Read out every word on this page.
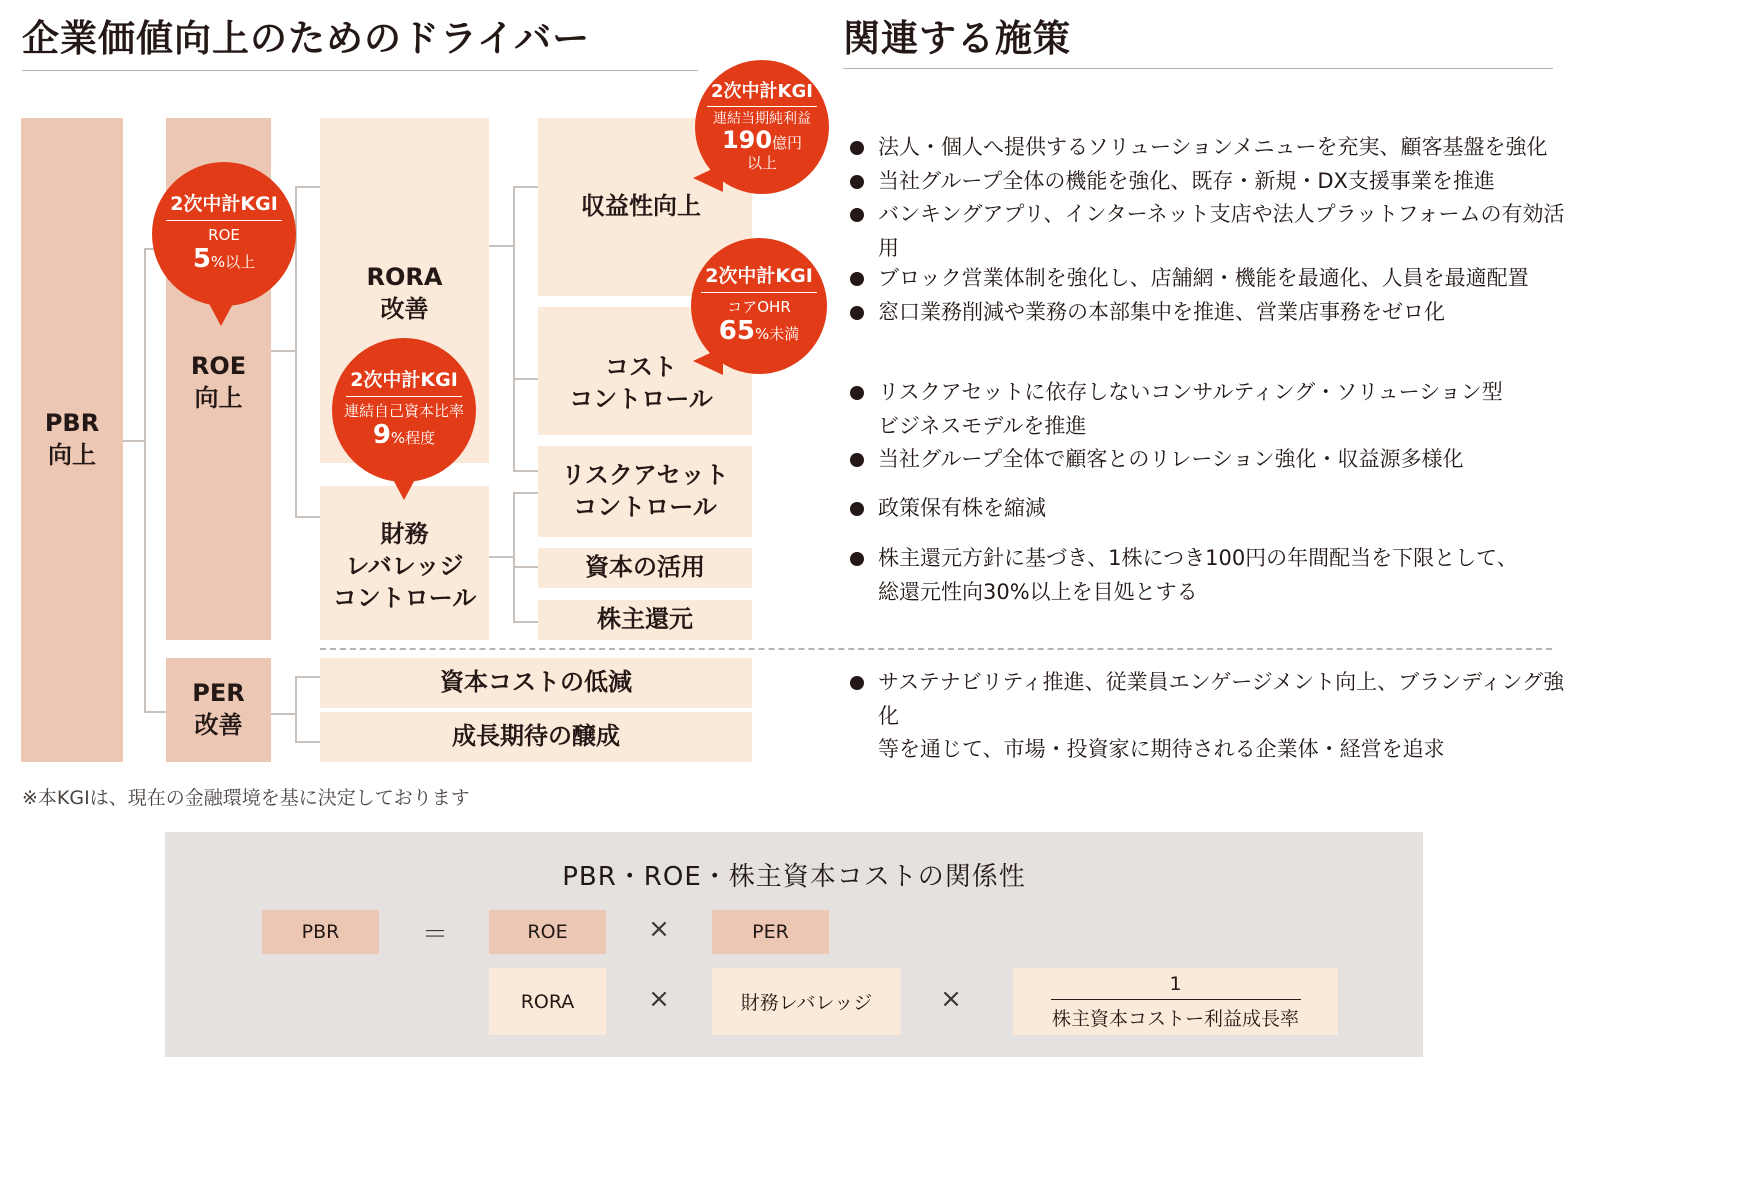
企業価値向上のためのドライバー	関連する施策
PBR
向上
ROE
向上
PER
改善
RORA
改善
財務
レバレッジ
コントロール
収益性向上
コスト
コントロール
リスクアセット
コントロール
資本の活用
株主還元
資本コストの低減
成長期待の醸成
2次中計KGI
ROE
5%以上
2次中計KGI
連結自己資本比率
9%程度
2次中計KGI
連結当期純利益
190億円
以上
2次中計KGI
コアOHR
65%未満
法人・個人へ提供するソリューションメニューを充実、顧客基盤を強化
当社グループ全体の機能を強化、既存・新規・DX支援事業を推進
バンキングアプリ、インターネット支店や法人プラットフォームの有効活用
ブロック営業体制を強化し、店舗網・機能を最適化、人員を最適配置
窓口業務削減や業務の本部集中を推進、営業店事務をゼロ化
リスクアセットに依存しないコンサルティング・ソリューション型
ビジネスモデルを推進
当社グループ全体で顧客とのリレーション強化・収益源多様化
政策保有株を縮減
株主還元方針に基づき、1株につき100円の年間配当を下限として、
総還元性向30%以上を目処とする
サステナビリティ推進、従業員エンゲージメント向上、ブランディング強化
等を通じて、市場・投資家に期待される企業体・経営を追求
※本KGIは、現在の金融環境を基に決定しております
PBR・ROE・株主資本コストの関係性
PBR	＝	ROE	×	PER
RORA	×	財務レバレッジ	×
1
株主資本コストー利益成長率
